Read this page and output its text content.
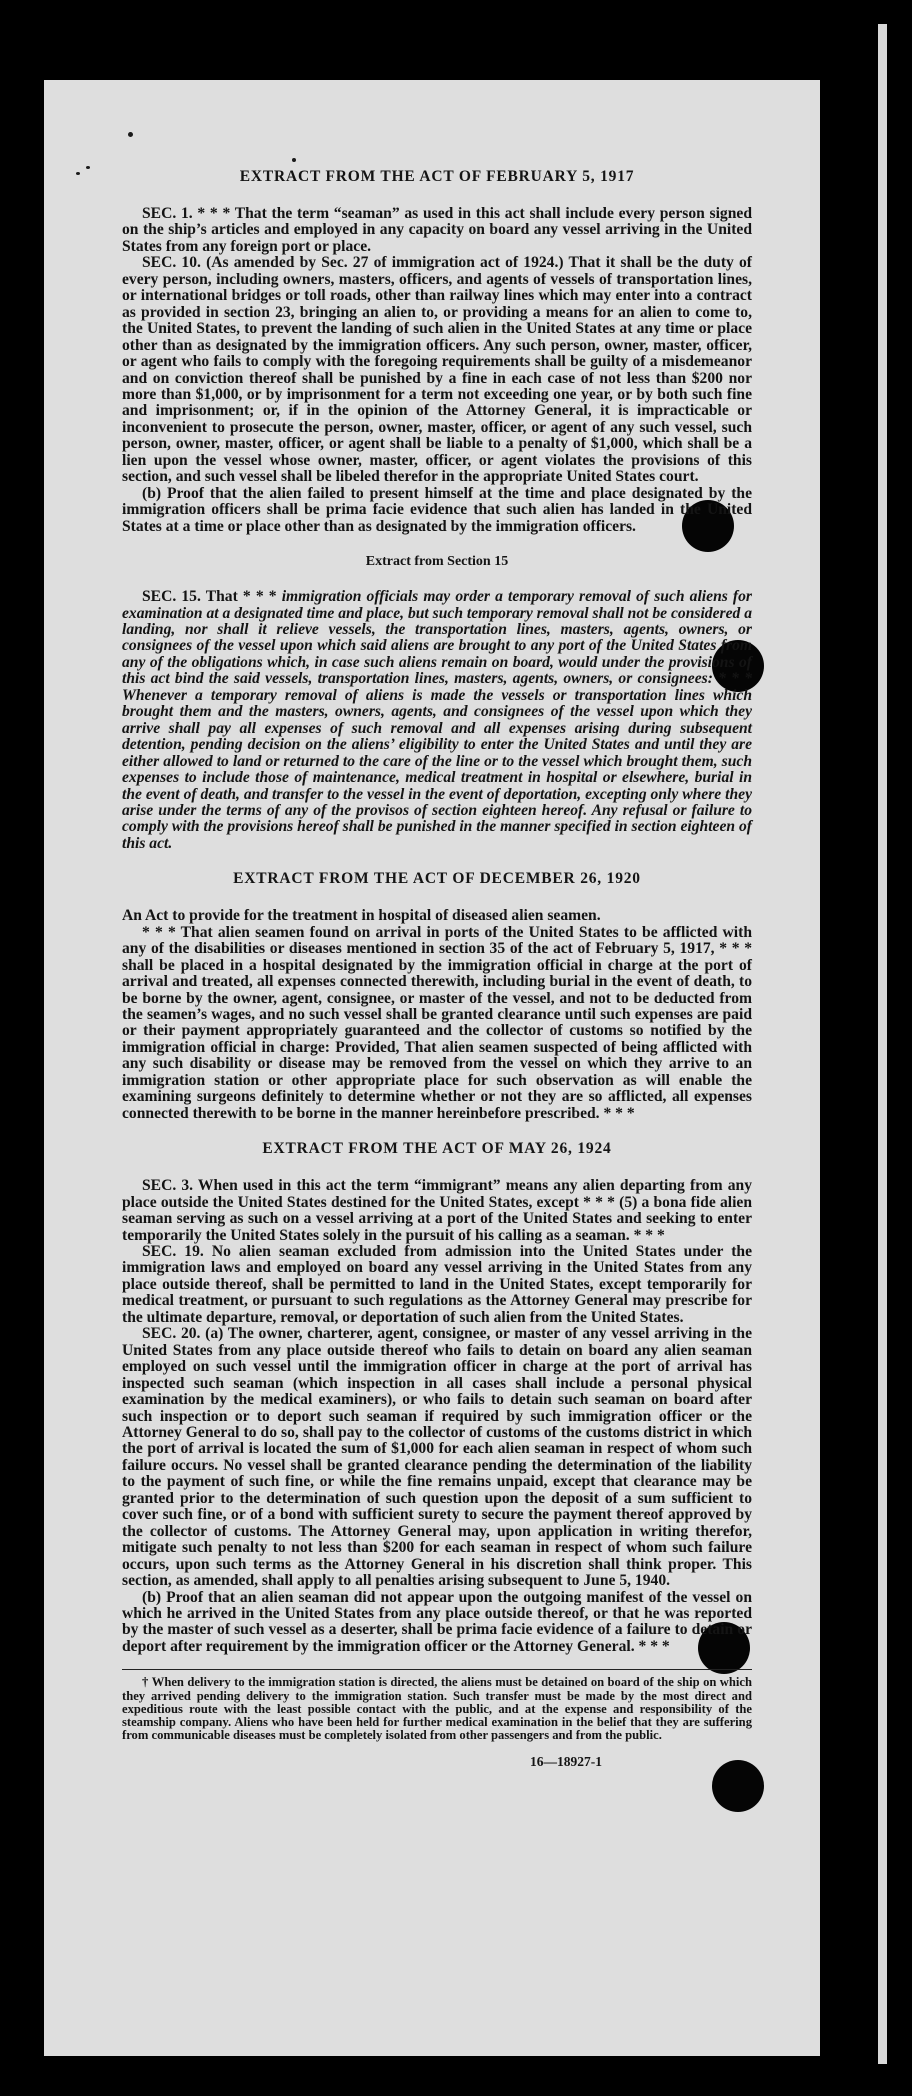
EXTRACT FROM THE ACT OF FEBRUARY 5, 1917

SEC. 1. * * * That the term “seaman” as used in this act shall include every person signed on the ship’s articles and employed in any capacity on board any vessel arriving in the United States from any foreign port or place.

SEC. 10. (As amended by Sec. 27 of immigration act of 1924.) That it shall be the duty of every person, including owners, masters, officers, and agents of vessels of transportation lines, or international bridges or toll roads, other than railway lines which may enter into a contract as provided in section 23, bringing an alien to, or providing a means for an alien to come to, the United States, to prevent the landing of such alien in the United States at any time or place other than as designated by the immigration officers. Any such person, owner, master, officer, or agent who fails to comply with the foregoing requirements shall be guilty of a misdemeanor and on conviction thereof shall be punished by a fine in each case of not less than $200 nor more than $1,000, or by imprisonment for a term not exceeding one year, or by both such fine and imprisonment; or, if in the opinion of the Attorney General, it is impracticable or inconvenient to prosecute the person, owner, master, officer, or agent of any such vessel, such person, owner, master, officer, or agent shall be liable to a penalty of $1,000, which shall be a lien upon the vessel whose owner, master, officer, or agent violates the provisions of this section, and such vessel shall be libeled therefor in the appropriate United States court.

(b) Proof that the alien failed to present himself at the time and place designated by the immigration officers shall be prima facie evidence that such alien has landed in the United States at a time or place other than as designated by the immigration officers.

Extract from Section 15

SEC. 15. That * * * immigration officials may order a temporary removal of such aliens for examination at a designated time and place, but such temporary removal shall not be considered a landing, nor shall it relieve vessels, the transportation lines, masters, agents, owners, or consignees of the vessel upon which said aliens are brought to any port of the United States from any of the obligations which, in case such aliens remain on board, would under the provisions of this act bind the said vessels, transportation lines, masters, agents, owners, or consignees: * * * Whenever a temporary removal of aliens is made the vessels or transportation lines which brought them and the masters, owners, agents, and consignees of the vessel upon which they arrive shall pay all expenses of such removal and all expenses arising during subsequent detention, pending decision on the aliens’ eligibility to enter the United States and until they are either allowed to land or returned to the care of the line or to the vessel which brought them, such expenses to include those of maintenance, medical treatment in hospital or elsewhere, burial in the event of death, and transfer to the vessel in the event of deportation, excepting only where they arise under the terms of any of the provisos of section eighteen hereof. Any refusal or failure to comply with the provisions hereof shall be punished in the manner specified in section eighteen of this act.

EXTRACT FROM THE ACT OF DECEMBER 26, 1920

An Act to provide for the treatment in hospital of diseased alien seamen.

* * * That alien seamen found on arrival in ports of the United States to be afflicted with any of the disabilities or diseases mentioned in section 35 of the act of February 5, 1917, * * * shall be placed in a hospital designated by the immigration official in charge at the port of arrival and treated, all expenses connected therewith, including burial in the event of death, to be borne by the owner, agent, consignee, or master of the vessel, and not to be deducted from the seamen’s wages, and no such vessel shall be granted clearance until such expenses are paid or their payment appropriately guaranteed and the collector of customs so notified by the immigration official in charge: Provided, That alien seamen suspected of being afflicted with any such disability or disease may be removed from the vessel on which they arrive to an immigration station or other appropriate place for such observation as will enable the examining surgeons definitely to determine whether or not they are so afflicted, all expenses connected therewith to be borne in the manner hereinbefore prescribed. * * *

EXTRACT FROM THE ACT OF MAY 26, 1924

SEC. 3. When used in this act the term “immigrant” means any alien departing from any place outside the United States destined for the United States, except * * * (5) a bona fide alien seaman serving as such on a vessel arriving at a port of the United States and seeking to enter temporarily the United States solely in the pursuit of his calling as a seaman. * * *

SEC. 19. No alien seaman excluded from admission into the United States under the immigration laws and employed on board any vessel arriving in the United States from any place outside thereof, shall be permitted to land in the United States, except temporarily for medical treatment, or pursuant to such regulations as the Attorney General may prescribe for the ultimate departure, removal, or deportation of such alien from the United States.

SEC. 20. (a) The owner, charterer, agent, consignee, or master of any vessel arriving in the United States from any place outside thereof who fails to detain on board any alien seaman employed on such vessel until the immigration officer in charge at the port of arrival has inspected such seaman (which inspection in all cases shall include a personal physical examination by the medical examiners), or who fails to detain such seaman on board after such inspection or to deport such seaman if required by such immigration officer or the Attorney General to do so, shall pay to the collector of customs of the customs district in which the port of arrival is located the sum of $1,000 for each alien seaman in respect of whom such failure occurs. No vessel shall be granted clearance pending the determination of the liability to the payment of such fine, or while the fine remains unpaid, except that clearance may be granted prior to the determination of such question upon the deposit of a sum sufficient to cover such fine, or of a bond with sufficient surety to secure the payment thereof approved by the collector of customs. The Attorney General may, upon application in writing therefor, mitigate such penalty to not less than $200 for each seaman in respect of whom such failure occurs, upon such terms as the Attorney General in his discretion shall think proper. This section, as amended, shall apply to all penalties arising subsequent to June 5, 1940.

(b) Proof that an alien seaman did not appear upon the outgoing manifest of the vessel on which he arrived in the United States from any place outside thereof, or that he was reported by the master of such vessel as a deserter, shall be prima facie evidence of a failure to detain or deport after requirement by the immigration officer or the Attorney General. * * *

† When delivery to the immigration station is directed, the aliens must be detained on board of the ship on which they arrived pending delivery to the immigration station. Such transfer must be made by the most direct and expeditious route with the least possible contact with the public, and at the expense and responsibility of the steamship company. Aliens who have been held for further medical examination in the belief that they are suffering from communicable diseases must be completely isolated from other passengers and from the public.

16—18927-1
